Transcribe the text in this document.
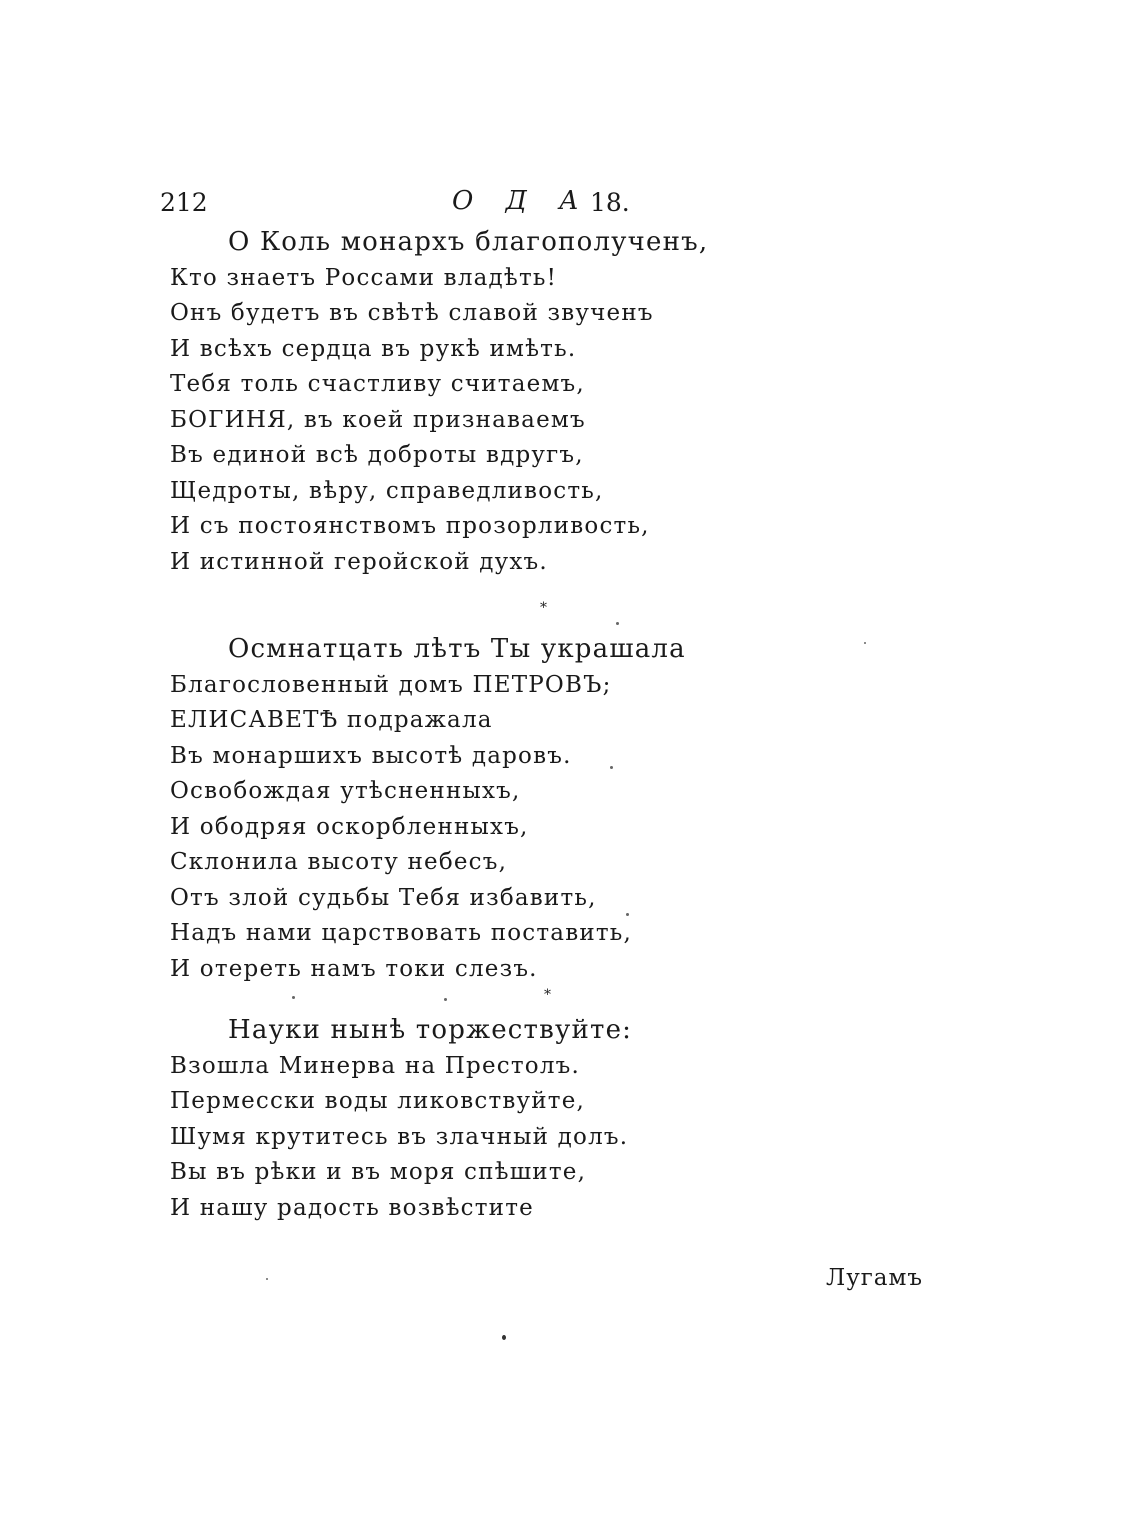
212	О Д А 18.
О Коль монархъ благополученъ,
Кто знаетъ Россами владѣть!
Онъ будетъ въ свѣтѣ славой звученъ
И всѣхъ сердца въ рукѣ имѣть.
Тебя толь счастливу считаемъ,
БОГИНЯ, въ коей признаваемъ
Въ единой всѣ доброты вдругъ,
Щедроты, вѣру, справедливость,
И съ постоянствомъ прозорливость,
И истинной геройской духъ.
*
Осмнатцать лѣтъ Ты украшала
Благословенный домъ ПЕТРОВЪ;
ЕЛИСАВЕТѢ подражала
Въ монаршихъ высотѣ даровъ.
Освобождая утѣсненныхъ,
И ободряя оскорбленныхъ,
Склонила высоту небесъ,
Отъ злой судьбы Тебя избавить,
Надъ нами царствовать поставить,
И отереть намъ токи слезъ.
*
Науки нынѣ торжествуйте:
Взошла Минерва на Престолъ.
Пермесски воды ликовствуйте,
Шумя крутитесь въ злачный долъ.
Вы въ рѣки и въ моря спѣшите,
И нашу радость возвѣстите
Лугамъ
